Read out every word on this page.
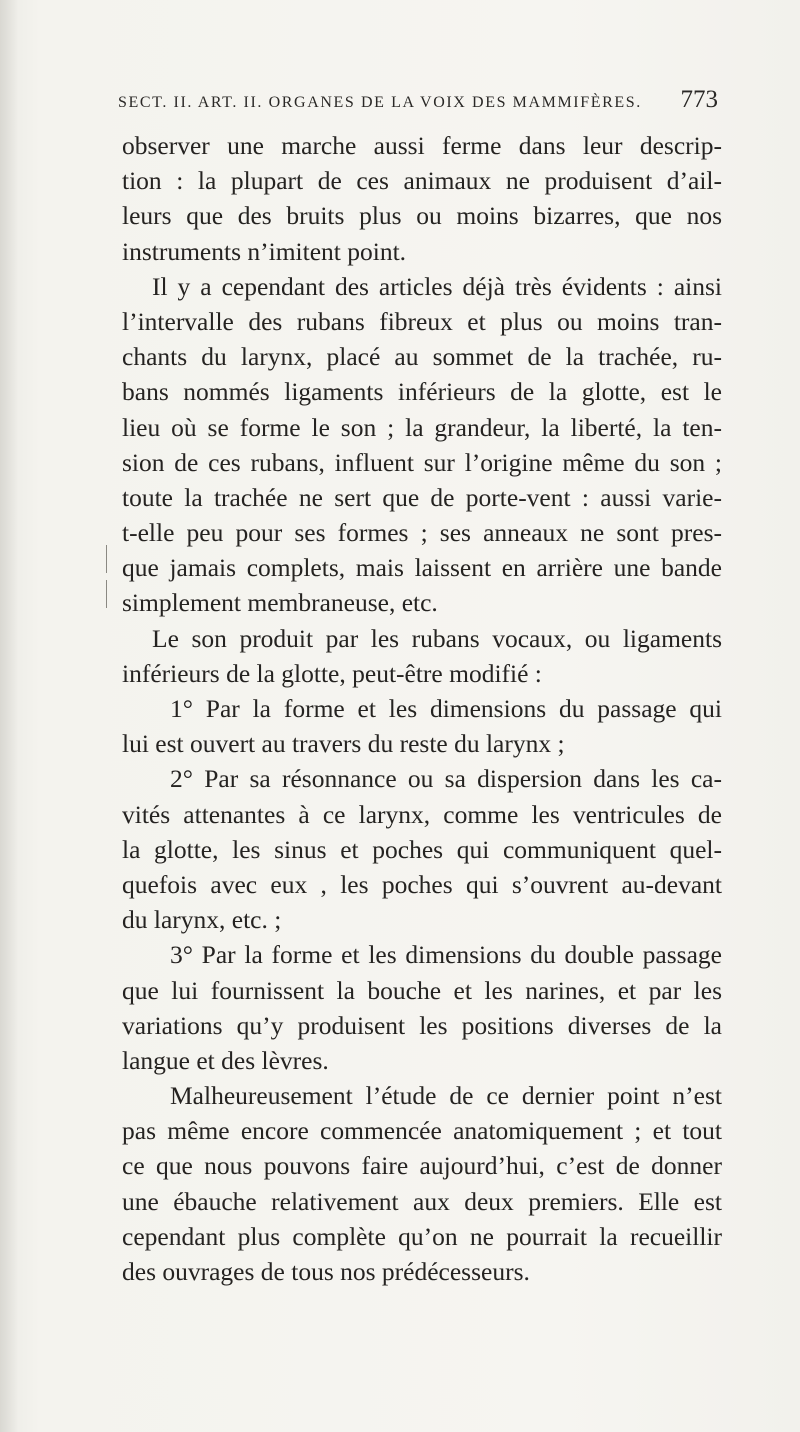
SECT. II. ART. II. ORGANES DE LA VOIX DES MAMMIFÈRES. 773
observer une marche aussi ferme dans leur descrip-
tion : la plupart de ces animaux ne produisent d’ail-
leurs que des bruits plus ou moins bizarres, que nos
instruments n’imitent point.
Il y a cependant des articles déjà très évidents : ainsi
l’intervalle des rubans fibreux et plus ou moins tran-
chants du larynx, placé au sommet de la trachée, ru-
bans nommés ligaments inférieurs de la glotte, est le
lieu où se forme le son ; la grandeur, la liberté, la ten-
sion de ces rubans, influent sur l’origine même du son ;
toute la trachée ne sert que de porte-vent : aussi varie-
t-elle peu pour ses formes ; ses anneaux ne sont pres-
que jamais complets, mais laissent en arrière une bande
simplement membraneuse, etc.
Le son produit par les rubans vocaux, ou ligaments
inférieurs de la glotte, peut-être modifié :
1° Par la forme et les dimensions du passage qui
lui est ouvert au travers du reste du larynx ;
2° Par sa résonnance ou sa dispersion dans les ca-
vités attenantes à ce larynx, comme les ventricules de
la glotte, les sinus et poches qui communiquent quel-
quefois avec eux , les poches qui s’ouvrent au-devant
du larynx, etc. ;
3° Par la forme et les dimensions du double passage
que lui fournissent la bouche et les narines, et par les
variations qu’y produisent les positions diverses de la
langue et des lèvres.
Malheureusement l’étude de ce dernier point n’est
pas même encore commencée anatomiquement ; et tout
ce que nous pouvons faire aujourd’hui, c’est de donner
une ébauche relativement aux deux premiers. Elle est
cependant plus complète qu’on ne pourrait la recueillir
des ouvrages de tous nos prédécesseurs.
